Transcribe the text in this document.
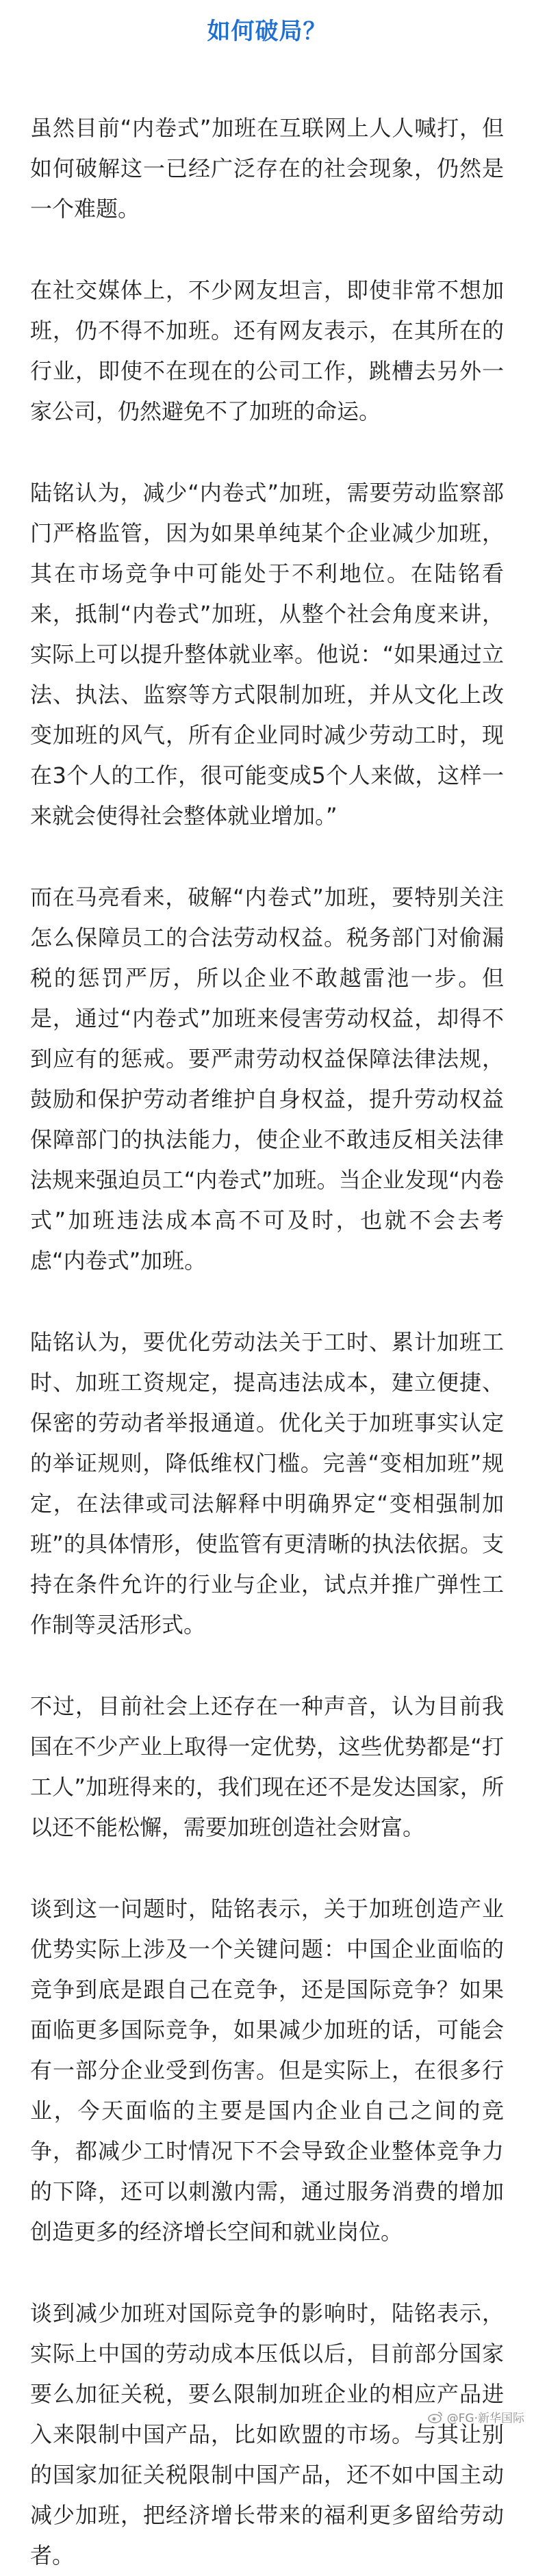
如何破局？

虽然目前“内卷式”加班在互联网上人人喊打，但如何破解这一已经广泛存在的社会现象，仍然是一个难题。

在社交媒体上，不少网友坦言，即使非常不想加班，仍不得不加班。还有网友表示，在其所在的行业，即使不在现在的公司工作，跳槽去另外一家公司，仍然避免不了加班的命运。

陆铭认为，减少“内卷式”加班，需要劳动监察部门严格监管，因为如果单纯某个企业减少加班，其在市场竞争中可能处于不利地位。在陆铭看来，抵制“内卷式”加班，从整个社会角度来讲，实际上可以提升整体就业率。他说：“如果通过立法、执法、监察等方式限制加班，并从文化上改变加班的风气，所有企业同时减少劳动工时，现在3个人的工作，很可能变成5个人来做，这样一来就会使得社会整体就业增加。”

而在马亮看来，破解“内卷式”加班，要特别关注怎么保障员工的合法劳动权益。税务部门对偷漏税的惩罚严厉，所以企业不敢越雷池一步。但是，通过“内卷式”加班来侵害劳动权益，却得不到应有的惩戒。要严肃劳动权益保障法律法规，鼓励和保护劳动者维护自身权益，提升劳动权益保障部门的执法能力，使企业不敢违反相关法律法规来强迫员工“内卷式”加班。当企业发现“内卷式”加班违法成本高不可及时，也就不会去考虑“内卷式”加班。

陆铭认为，要优化劳动法关于工时、累计加班工时、加班工资规定，提高违法成本，建立便捷、保密的劳动者举报通道。优化关于加班事实认定的举证规则，降低维权门槛。完善“变相加班”规定，在法律或司法解释中明确界定“变相强制加班”的具体情形，使监管有更清晰的执法依据。支持在条件允许的行业与企业，试点并推广弹性工作制等灵活形式。

不过，目前社会上还存在一种声音，认为目前我国在不少产业上取得一定优势，这些优势都是“打工人”加班得来的，我们现在还不是发达国家，所以还不能松懈，需要加班创造社会财富。

谈到这一问题时，陆铭表示，关于加班创造产业优势实际上涉及一个关键问题：中国企业面临的竞争到底是跟自己在竞争，还是国际竞争？如果面临更多国际竞争，如果减少加班的话，可能会有一部分企业受到伤害。但是实际上，在很多行业，今天面临的主要是国内企业自己之间的竞争，都减少工时情况下不会导致企业整体竞争力的下降，还可以刺激内需，通过服务消费的增加创造更多的经济增长空间和就业岗位。

谈到减少加班对国际竞争的影响时，陆铭表示，实际上中国的劳动成本压低以后，目前部分国家要么加征关税，要么限制加班企业的相应产品进入来限制中国产品，比如欧盟的市场。与其让别的国家加征关税限制中国产品，还不如中国主动减少加班，把经济增长带来的福利更多留给劳动者。

@FG·新华国际
